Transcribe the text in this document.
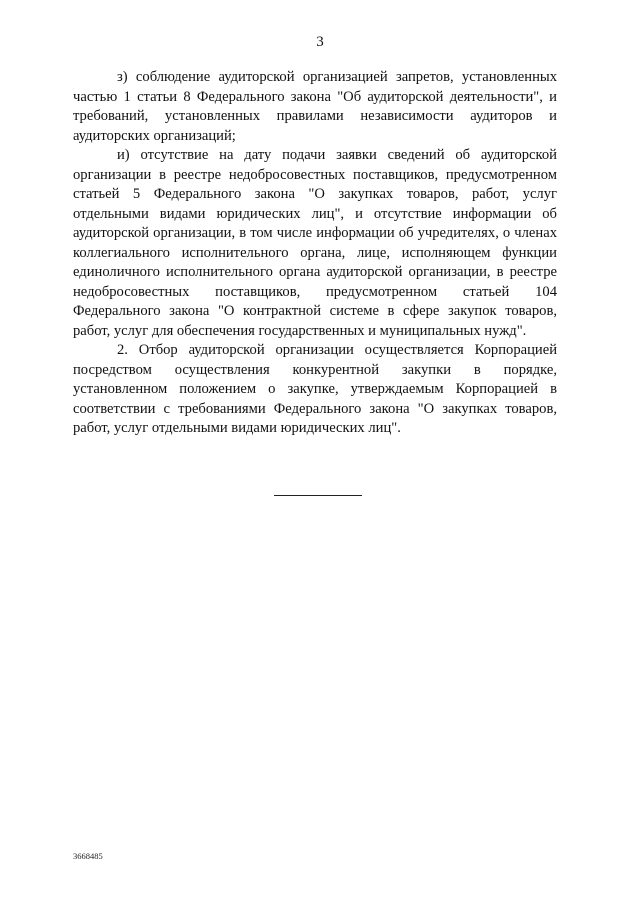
3

з) соблюдение аудиторской организацией запретов, установленных частью 1 статьи 8 Федерального закона "Об аудиторской деятельности", и требований, установленных правилами независимости аудиторов и аудиторских организаций;

и) отсутствие на дату подачи заявки сведений об аудиторской организации в реестре недобросовестных поставщиков, предусмотренном статьей 5 Федерального закона "О закупках товаров, работ, услуг отдельными видами юридических лиц", и отсутствие информации об аудиторской организации, в том числе информации об учредителях, о членах коллегиального исполнительного органа, лице, исполняющем функции единоличного исполнительного органа аудиторской организации, в реестре недобросовестных поставщиков, предусмотренном статьей 104 Федерального закона "О контрактной системе в сфере закупок товаров, работ, услуг для обеспечения государственных и муниципальных нужд".

2. Отбор аудиторской организации осуществляется Корпорацией посредством осуществления конкурентной закупки в порядке, установленном положением о закупке, утверждаемым Корпорацией в соответствии с требованиями Федерального закона "О закупках товаров, работ, услуг отдельными видами юридических лиц".

3668485
